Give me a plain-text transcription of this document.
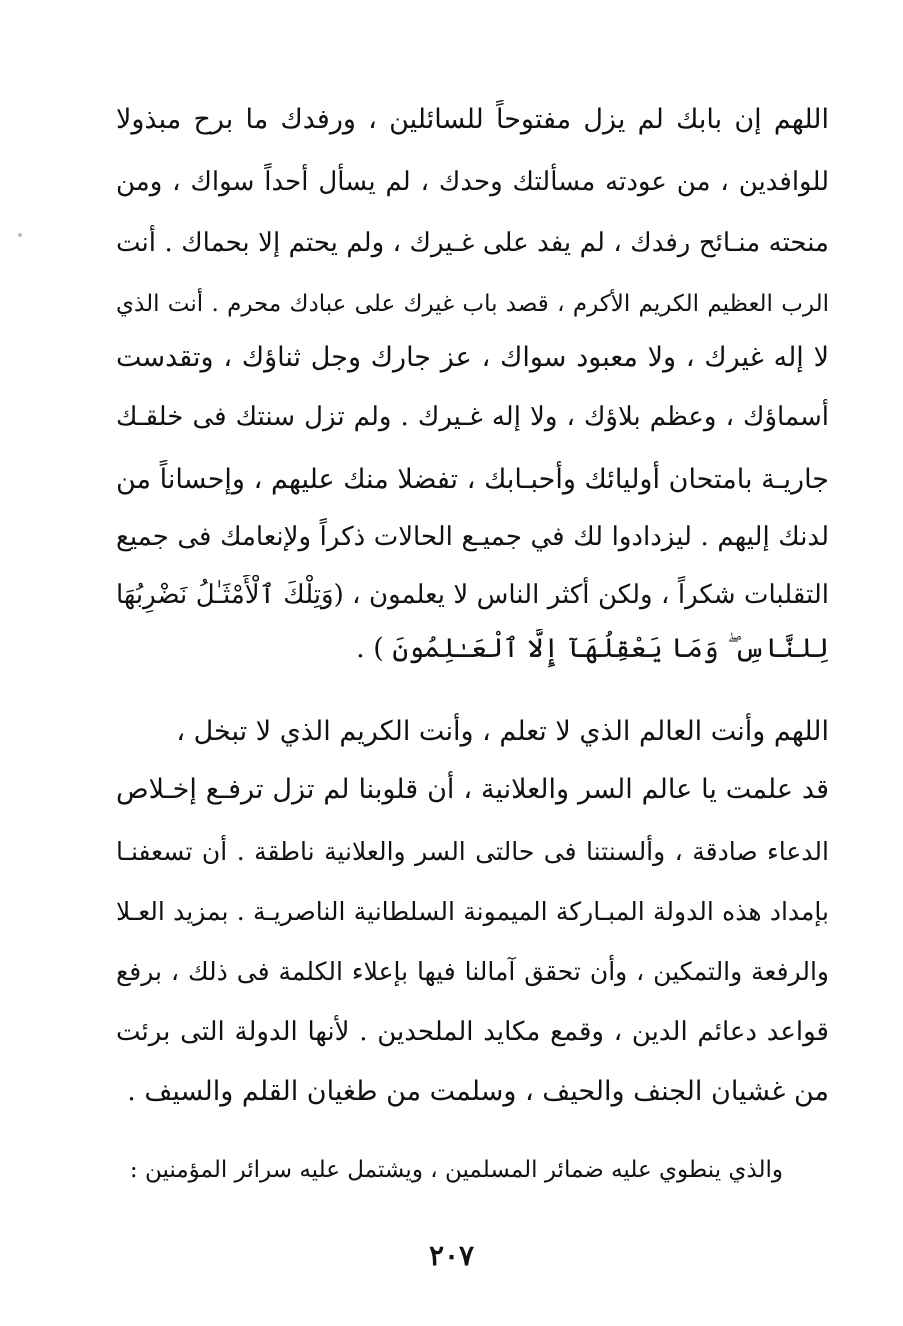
اللهم إن بابك لم يزل مفتوحاً للسائلين ، ورفدك ما برح مبذولا
للوافدين ، من عودته مسألتك وحدك ، لم يسأل أحداً سواك ، ومن
منحته منـائح رفدك ، لم يفد على غـيرك ، ولم يحتم إلا بحماك . أنت
الرب العظيم الكريم الأكرم ، قصد باب غيرك على عبادك محرم . أنت الذي
لا إله غيرك ، ولا معبود سواك ، عز جارك وجل ثناؤك ، وتقدست
أسماؤك ، وعظم بلاؤك ، ولا إله غـيرك . ولم تزل سنتك فى خلقـك
جاريـة بامتحان أوليائك وأحبـابك ، تفضلا منك عليهم ، وإحساناً من
لدنك إليهم . ليزدادوا لك في جميـع الحالات ذكراً ولإنعامك فى جميع
التقلبات شكراً ، ولكن أكثر الناس لا يعلمون ، (وَتِلْكَ ٱلْأَمْثَـٰلُ نَضْرِبُهَا
لِلنَّاسِ ۖ وَمَا يَعْقِلُهَآ إِلَّا ٱلْعَـٰلِمُونَ ) .
اللهم وأنت العالم الذي لا تعلم ، وأنت الكريم الذي لا تبخل ،
قد علمت يا عالم السر والعلانية ، أن قلوبنا لم تزل ترفـع إخـلاص
الدعاء صادقة ، وألسنتنا فى حالتى السر والعلانية ناطقة . أن تسعفنـا
بإمداد هذه الدولة المبـاركة الميمونة السلطانية الناصريـة . بمزيد العـلا
والرفعة والتمكين ، وأن تحقق آمالنا فيها بإعلاء الكلمة فى ذلك ، برفع
قواعد دعائم الدين ، وقمع مكايد الملحدين . لأنها الدولة التى برئت
من غشيان الجنف والحيف ، وسلمت من طغيان القلم والسيف .
والذي ينطوي عليه ضمائر المسلمين ، ويشتمل عليه سرائر المؤمنين :
٢٠٧
